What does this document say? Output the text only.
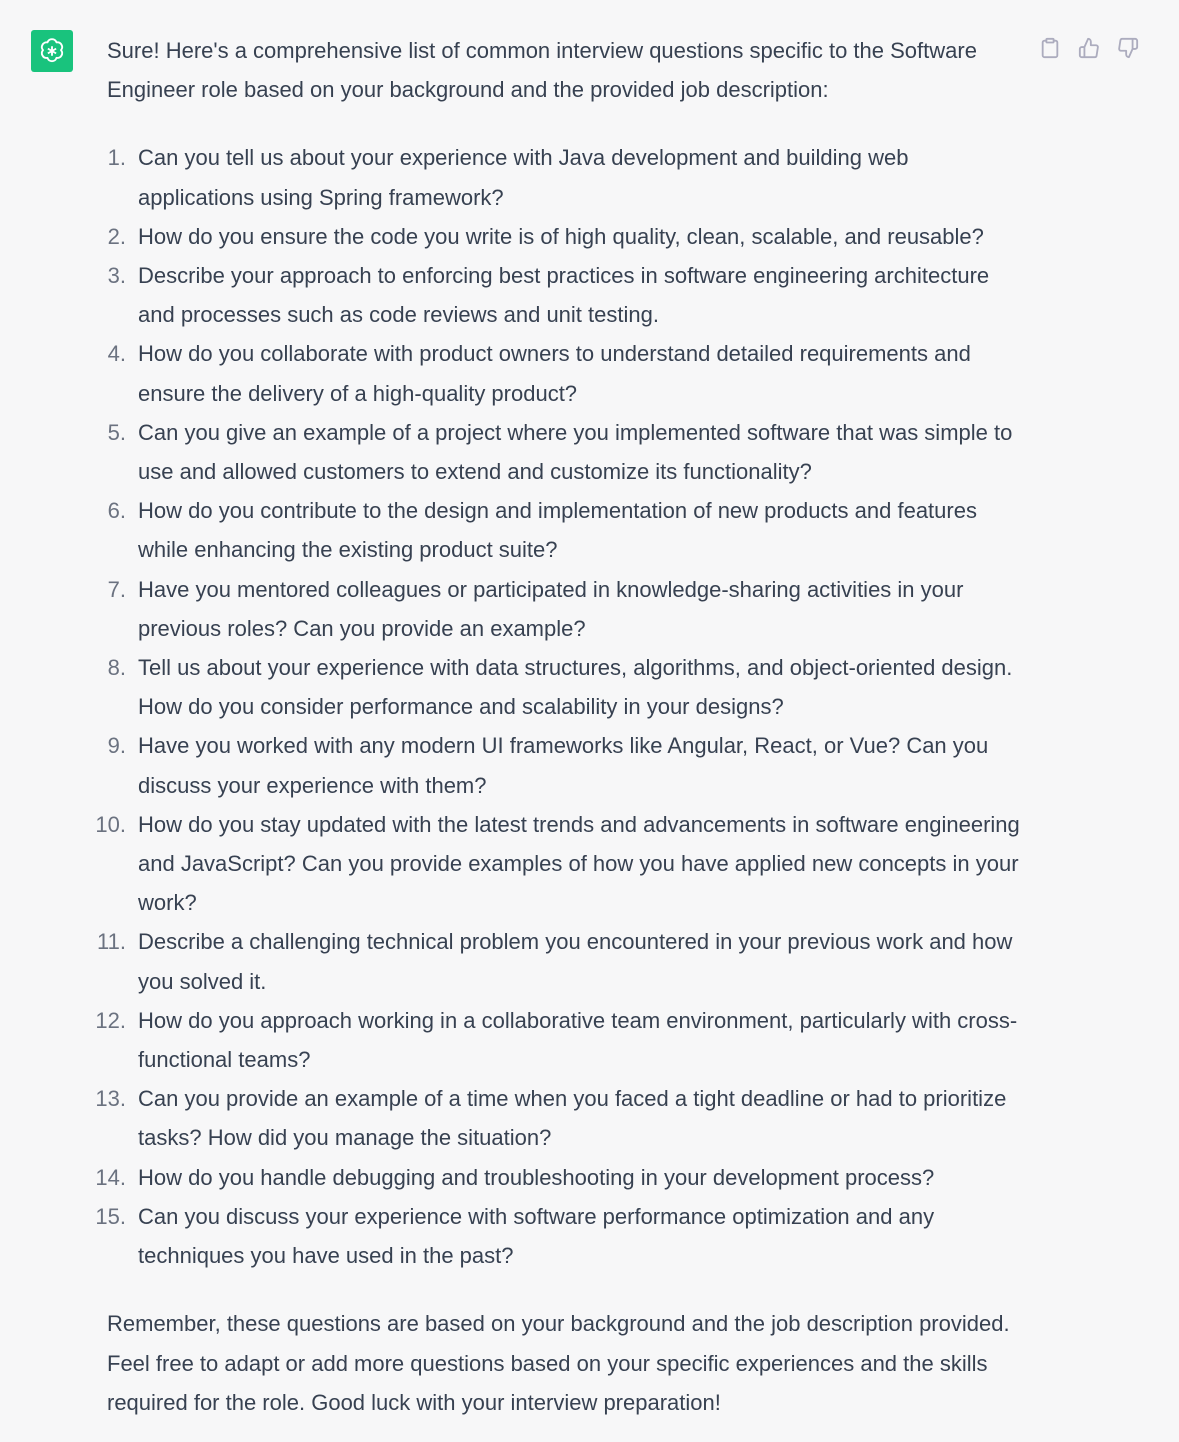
Sure! Here's a comprehensive list of common interview questions specific to the Software Engineer role based on your background and the provided job description:

1. Can you tell us about your experience with Java development and building web applications using Spring framework?
2. How do you ensure the code you write is of high quality, clean, scalable, and reusable?
3. Describe your approach to enforcing best practices in software engineering architecture and processes such as code reviews and unit testing.
4. How do you collaborate with product owners to understand detailed requirements and ensure the delivery of a high-quality product?
5. Can you give an example of a project where you implemented software that was simple to use and allowed customers to extend and customize its functionality?
6. How do you contribute to the design and implementation of new products and features while enhancing the existing product suite?
7. Have you mentored colleagues or participated in knowledge-sharing activities in your previous roles? Can you provide an example?
8. Tell us about your experience with data structures, algorithms, and object-oriented design. How do you consider performance and scalability in your designs?
9. Have you worked with any modern UI frameworks like Angular, React, or Vue? Can you discuss your experience with them?
10. How do you stay updated with the latest trends and advancements in software engineering and JavaScript? Can you provide examples of how you have applied new concepts in your work?
11. Describe a challenging technical problem you encountered in your previous work and how you solved it.
12. How do you approach working in a collaborative team environment, particularly with cross-functional teams?
13. Can you provide an example of a time when you faced a tight deadline or had to prioritize tasks? How did you manage the situation?
14. How do you handle debugging and troubleshooting in your development process?
15. Can you discuss your experience with software performance optimization and any techniques you have used in the past?

Remember, these questions are based on your background and the job description provided. Feel free to adapt or add more questions based on your specific experiences and the skills required for the role. Good luck with your interview preparation!
